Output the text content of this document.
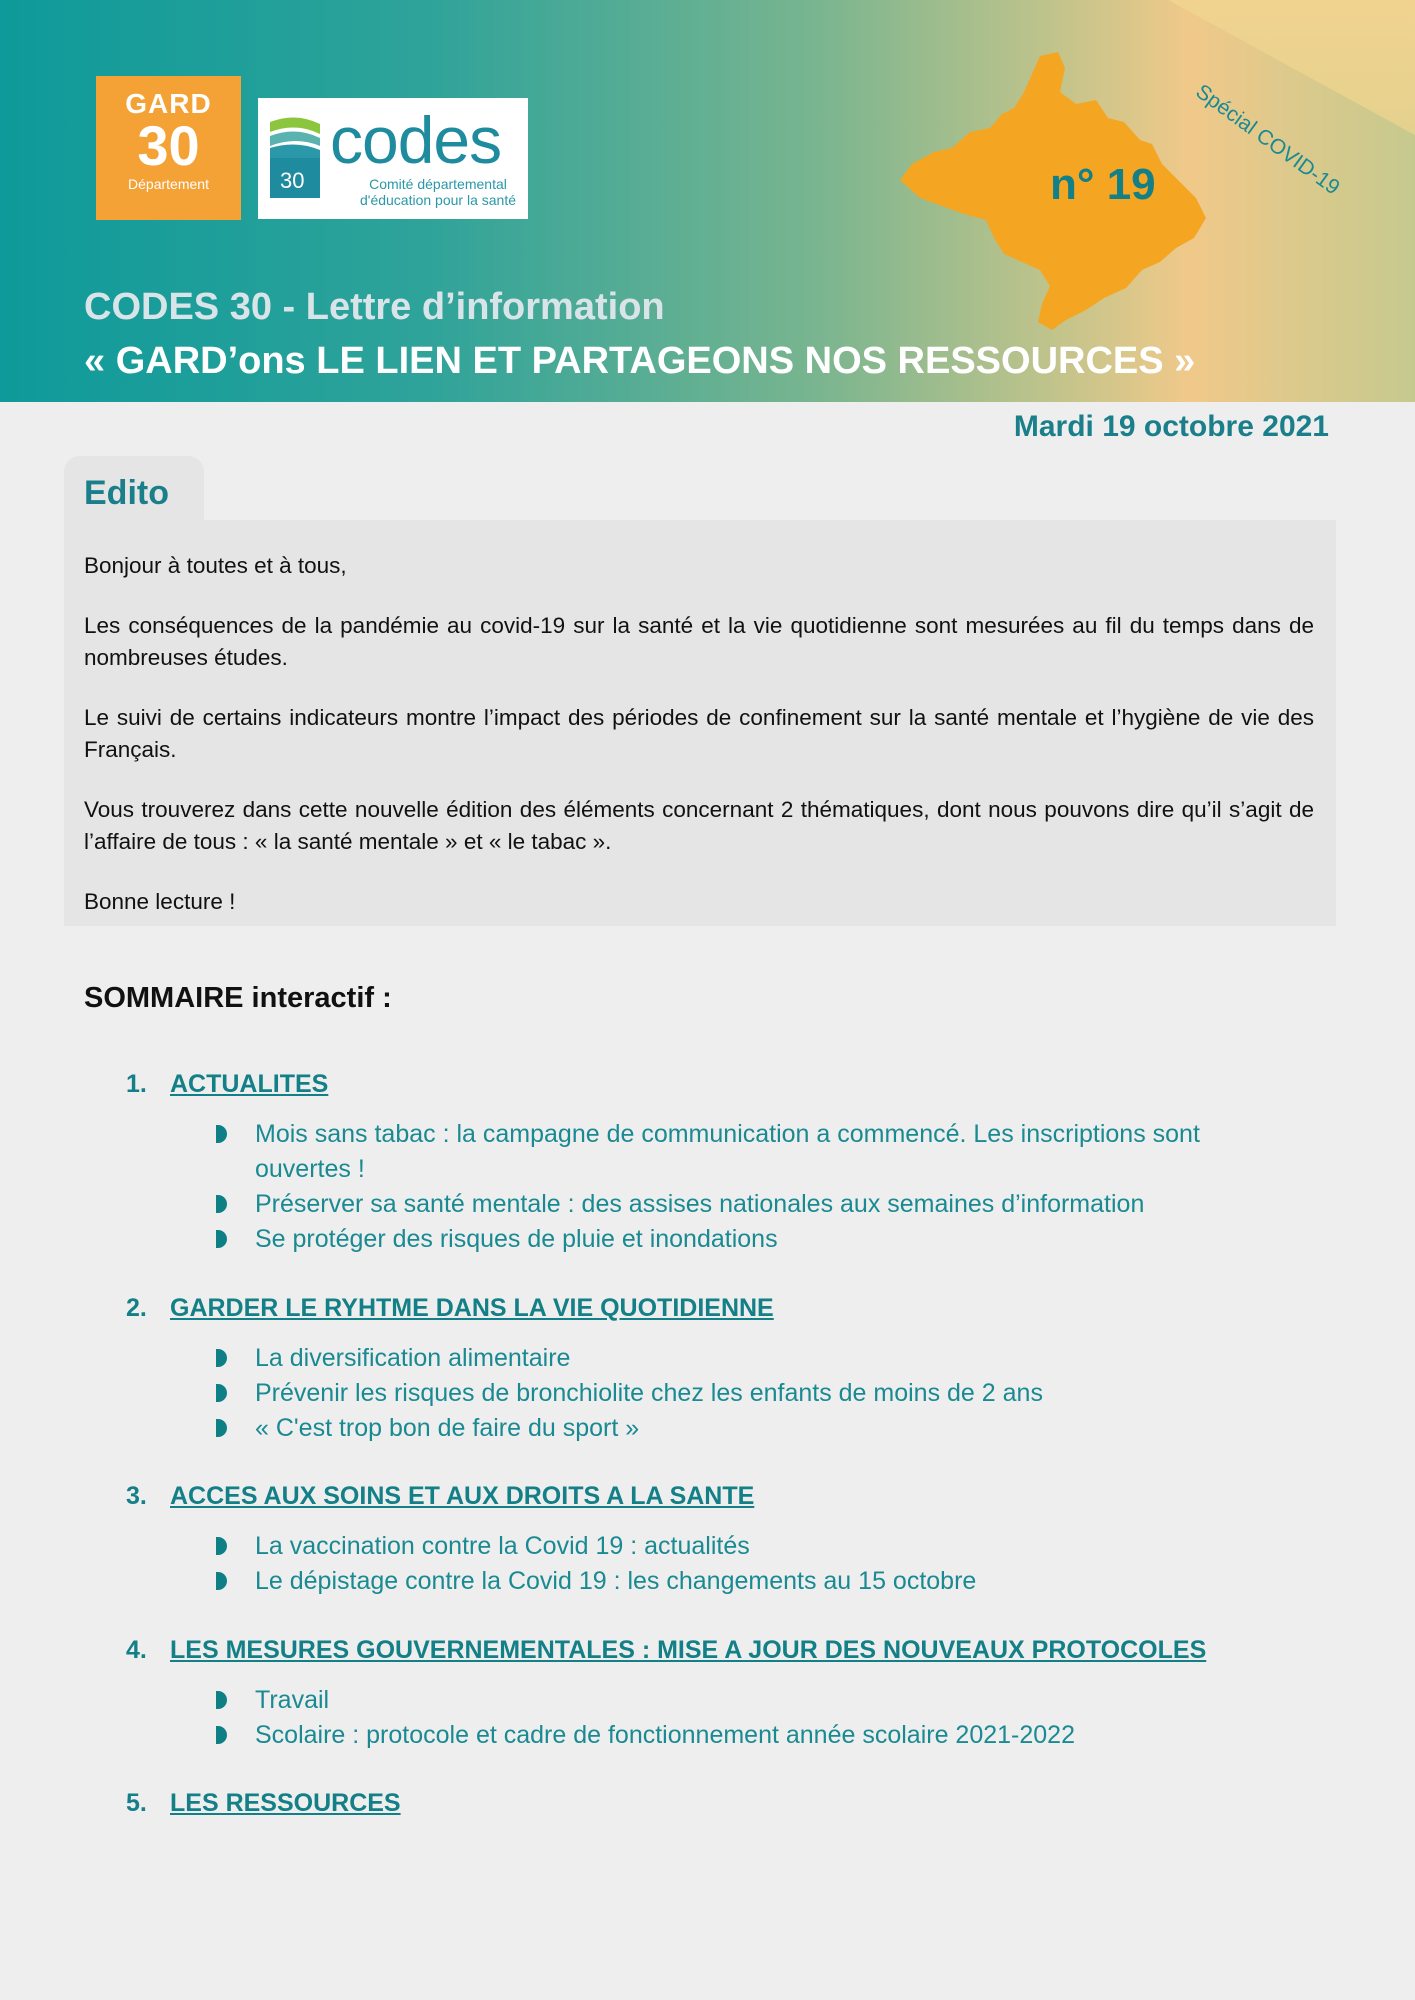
Spécial COVID-19
GARD
30
Département	30
codes
Comité départemental
d'éducation pour la santé	n° 19
CODES 30 - Lettre d’information
« GARD’ons LE LIEN ET PARTAGEONS NOS RESSOURCES »
Mardi 19 octobre 2021
Edito

Bonjour à toutes et à tous,

Les conséquences de la pandémie au covid-19 sur la santé et la vie quotidienne sont mesurées au fil du temps dans de nombreuses études.

Le suivi de certains indicateurs montre l’impact des périodes de confinement sur la santé mentale et l’hygiène de vie des Français.

Vous trouverez dans cette nouvelle édition des éléments concernant 2 thématiques, dont nous pouvons dire qu’il s’agit de l’affaire de tous : « la santé mentale » et « le tabac ».

Bonne lecture !

SOMMAIRE interactif :
1. ACTUALITES
Mois sans tabac : la campagne de communication a commencé. Les inscriptions sont ouvertes !
Préserver sa santé mentale : des assises nationales aux semaines d’information
Se protéger des risques de pluie et inondations
2. GARDER LE RYHTME DANS LA VIE QUOTIDIENNE
La diversification alimentaire
Prévenir les risques de bronchiolite chez les enfants de moins de 2 ans
« C'est trop bon de faire du sport »
3. ACCES AUX SOINS ET AUX DROITS A LA SANTE
La vaccination contre la Covid 19 : actualités
Le dépistage contre la Covid 19 : les changements au 15 octobre
4. LES MESURES GOUVERNEMENTALES : MISE A JOUR DES NOUVEAUX PROTOCOLES
Travail
Scolaire : protocole et cadre de fonctionnement année scolaire 2021-2022
5. LES RESSOURCES
